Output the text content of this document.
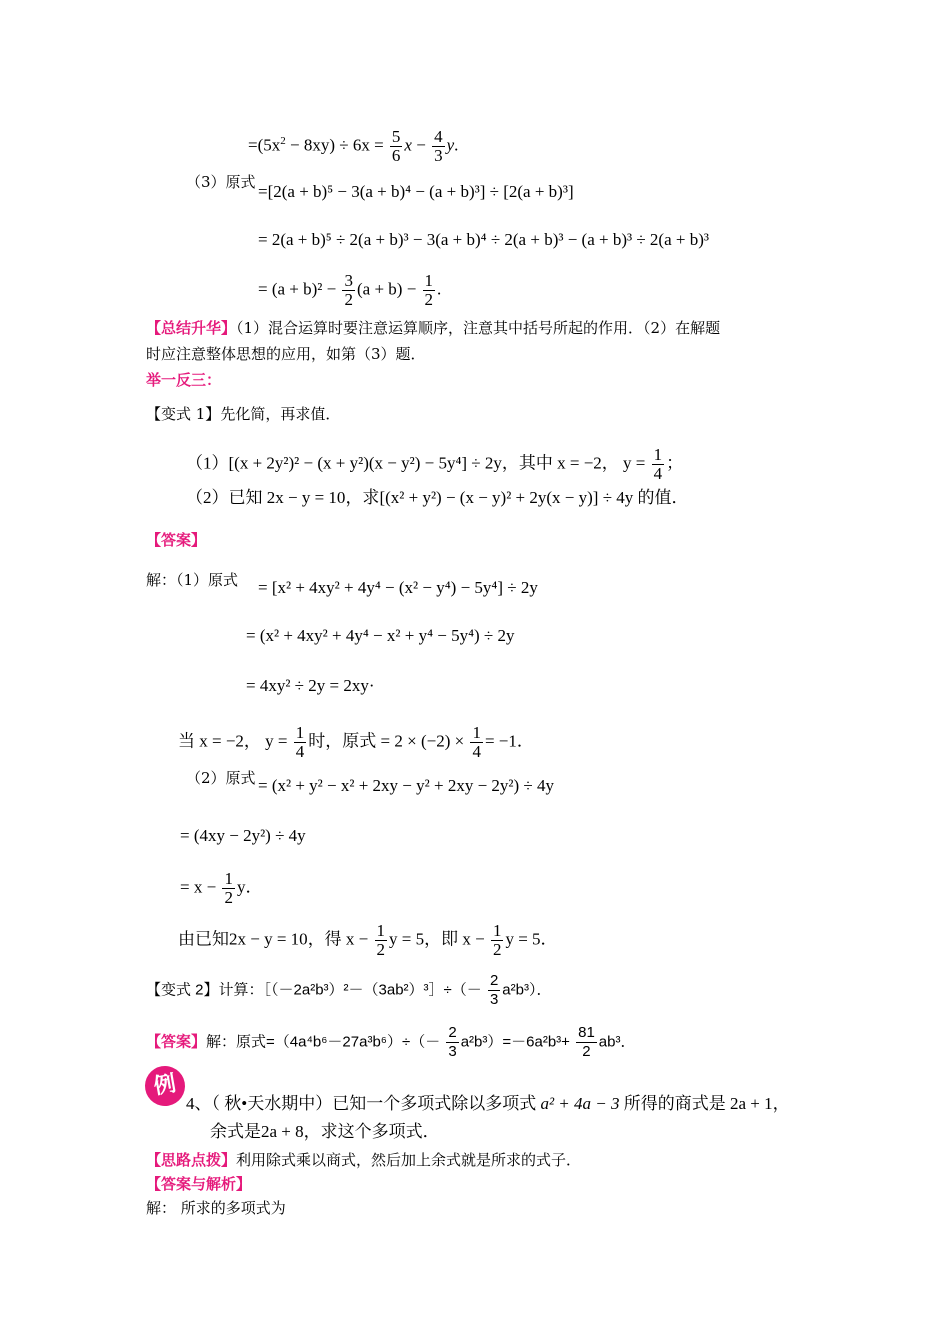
$=(5x^2 - 8xy) \div 6x = \frac{5}{6}$ $x - \frac{4}{3} y$.
（3）原式 =[2(a + b)⁵ − 3(a + b)⁴ − (a + b)³] ÷ [2(a + b)³]
= 2(a + b)⁵ ÷ 2(a + b)³ − 3(a + b)⁴ ÷ 2(a + b)³ − (a + b)³ ÷ 2(a + b)³
= $(a + b)^2 - \frac{3}{2} (a + b) - \frac{1}{2}$ .
【总结升华】（1）混合运算时要注意运算顺序，注意其中括号所起的作用．（2）在解题
时应注意整体思想的应用，如第（3）题．
举一反三：
【变式 1】先化简，再求值．
（1）[(x + 2y²)² − (x + y²)(x − y²) − 5y⁴] ÷ 2y，其中 x = −2， $y = \frac{1}{4}$ ；
（2）已知 2x − y = 10，求[(x² + y²) − (x − y)² + 2y(x − y)] ÷ 4y 的值．
【答案】
解：（1）原式 = [x² + 4xy² + 4y⁴ − (x² − y⁴) − 5y⁴] ÷ 2y
= (x² + 4xy² + 4y⁴ − x² + y⁴ − 5y⁴) ÷ 2y
= 4xy² ÷ 2y = 2xy·
当 x = −2， $y = \frac{1}{4}$ 时，原式 = $2 \times (-2) \times \frac{1}{4} = -1$．
（2）原式 = (x² + y² − x² + 2xy − y² + 2xy − 2y²) ÷ 4y
= (4xy − 2y²) ÷ 4y
= $x - \frac{1}{2}$ y．
由已知2x − y = 10，得 $x - \frac{1}{2}$ y = 5，即 $x - \frac{1}{2}$ y = 5．
【变式 2】计算：［（－2a²b³）²－（3ab²）³］÷（－ $\frac{2}{3} a^2b^3$）．
【答案】解：原式$=(4a^4b^6-27a^3b^6)\div(- \frac{2}{3} a^2b^3)=-6a^2b^3+ \frac{81}{2} ab^3$．
例
4、（ 秋•天水期中）已知一个多项式除以多项式 a² + 4a − 3 所得的商式是 2a + 1，
余式是2a + 8，求这个多项式．
【思路点拨】利用除式乘以商式，然后加上余式就是所求的式子．
【答案与解析】
解： 所求的多项式为
